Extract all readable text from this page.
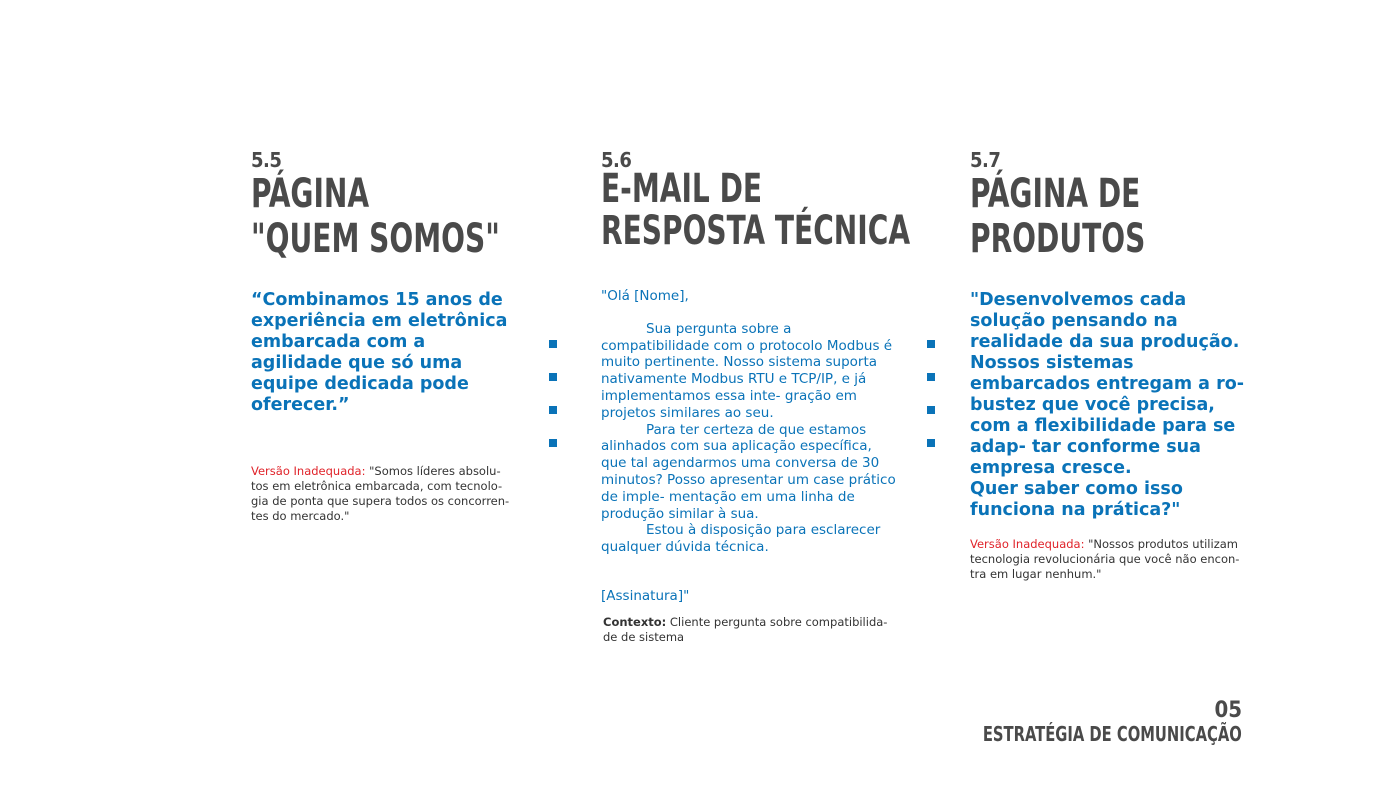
5.5
PÁGINA
"QUEM SOMOS"
“Combinamos 15 anos de experiência em eletrônica embarcada com a agilidade que só uma equipe dedicada pode oferecer.”
Versão Inadequada: "Somos líderes absolu- tos em eletrônica embarcada, com tecnolo- gia de ponta que supera todos os concorren- tes do mercado."
5.6
E-MAIL DE
RESPOSTA TÉCNICA

"Olá [Nome],

Sua pergunta sobre a compatibilidade com o protocolo Modbus é muito pertinente. Nosso sistema suporta nativamente Modbus RTU e TCP/IP, e já implementamos essa inte- gração em projetos similares ao seu.

Para ter certeza de que estamos alinhados com sua aplicação específica, que tal agendarmos uma conversa de 30 minutos? Posso apresentar um case prático de imple- mentação em uma linha de produção similar à sua.

Estou à disposição para esclarecer qualquer dúvida técnica.

[Assinatura]"

Contexto: Cliente pergunta sobre compatibilida- de de sistema
5.7
PÁGINA DE
PRODUTOS
"Desenvolvemos cada solução pensando na realidade da sua produção. Nossos sistemas embarcados entregam a ro- bustez que você precisa, com a flexibilidade para se adap- tar conforme sua empresa cresce.
Quer saber como isso funciona na prática?"
Versão Inadequada: "Nossos produtos utilizam tecnologia revolucionária que você não encon- tra em lugar nenhum."
05
ESTRATÉGIA DE COMUNICAÇÃO
